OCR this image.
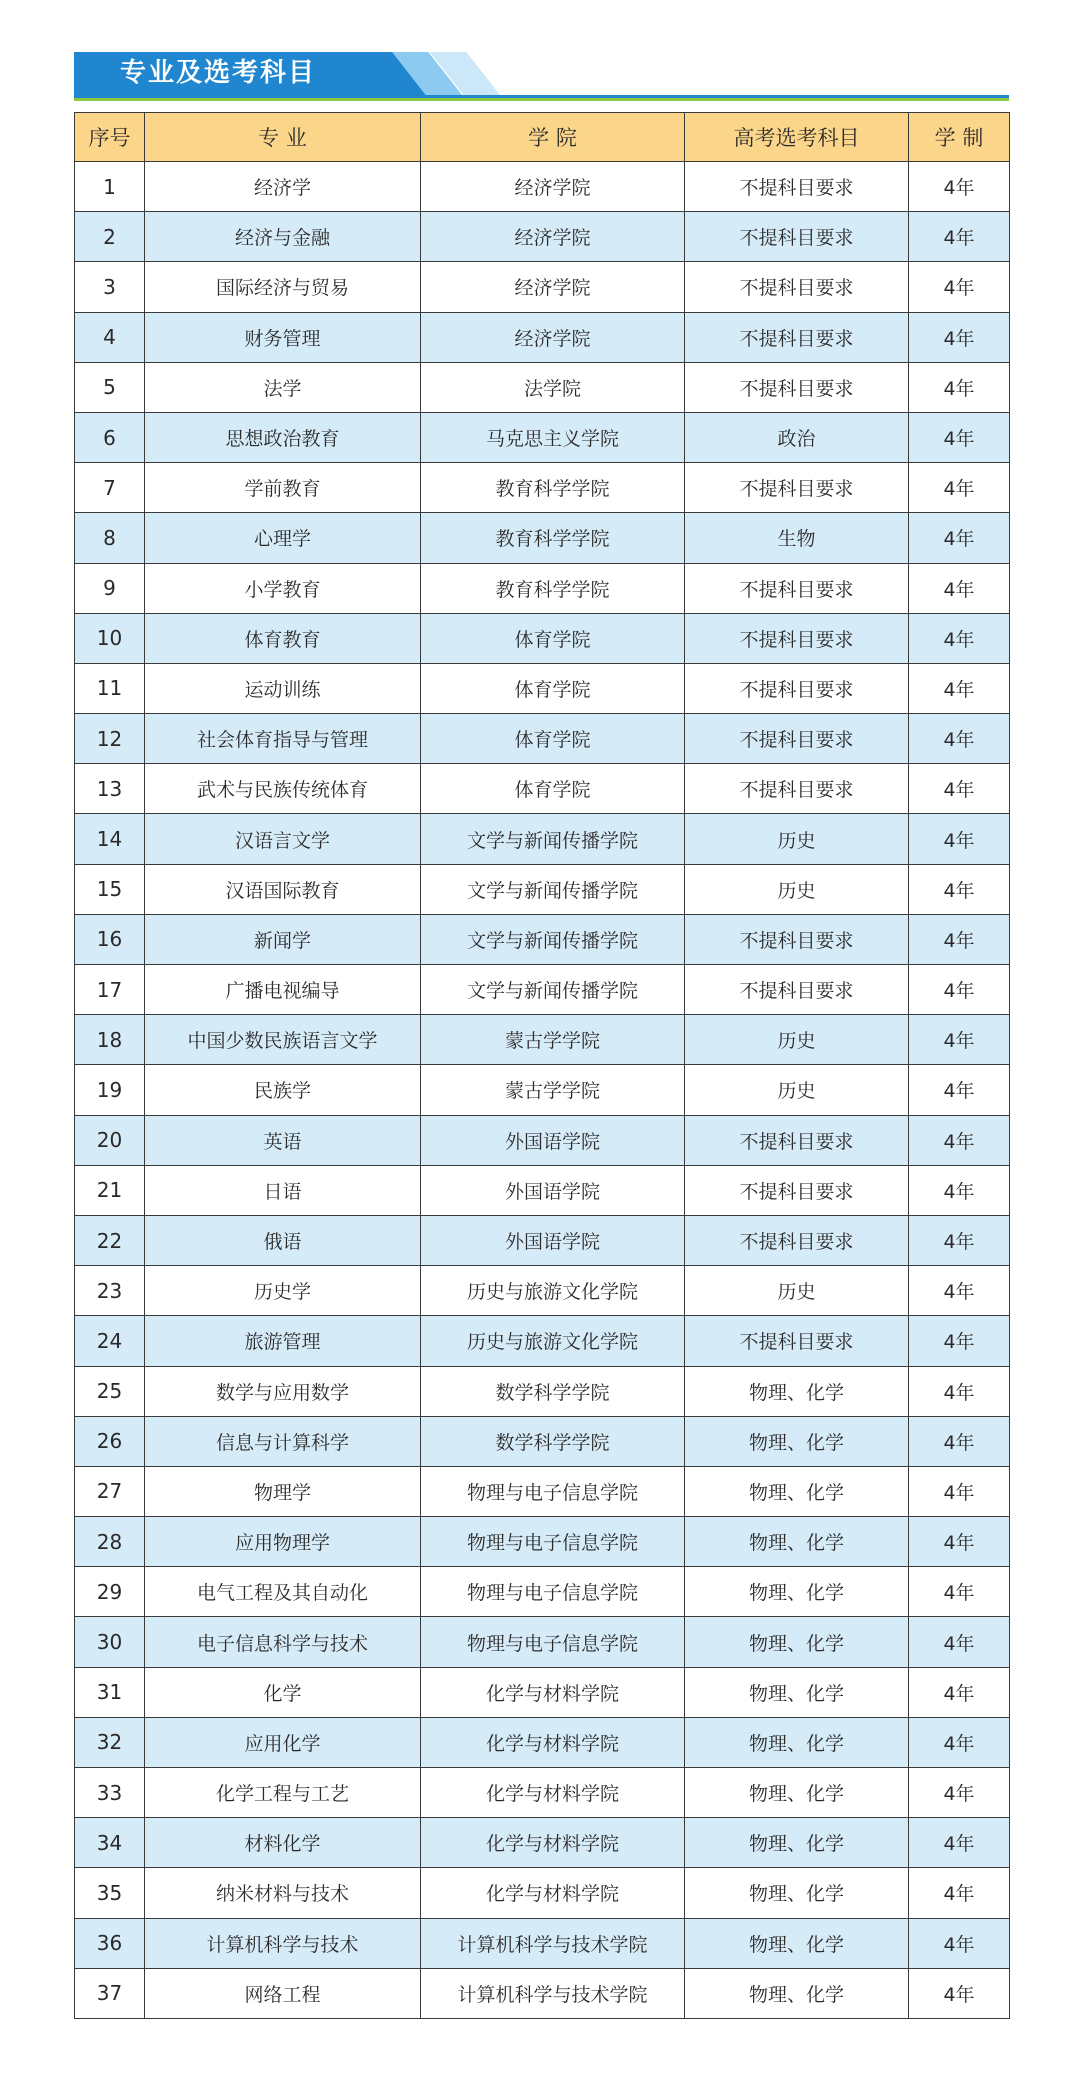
专业及选考科目
序号	专 业	学 院	高考选考科目	学 制
1	经济学	经济学院	不提科目要求	4年
2	经济与金融	经济学院	不提科目要求	4年
3	国际经济与贸易	经济学院	不提科目要求	4年
4	财务管理	经济学院	不提科目要求	4年
5	法学	法学院	不提科目要求	4年
6	思想政治教育	马克思主义学院	政治	4年
7	学前教育	教育科学学院	不提科目要求	4年
8	心理学	教育科学学院	生物	4年
9	小学教育	教育科学学院	不提科目要求	4年
10	体育教育	体育学院	不提科目要求	4年
11	运动训练	体育学院	不提科目要求	4年
12	社会体育指导与管理	体育学院	不提科目要求	4年
13	武术与民族传统体育	体育学院	不提科目要求	4年
14	汉语言文学	文学与新闻传播学院	历史	4年
15	汉语国际教育	文学与新闻传播学院	历史	4年
16	新闻学	文学与新闻传播学院	不提科目要求	4年
17	广播电视编导	文学与新闻传播学院	不提科目要求	4年
18	中国少数民族语言文学	蒙古学学院	历史	4年
19	民族学	蒙古学学院	历史	4年
20	英语	外国语学院	不提科目要求	4年
21	日语	外国语学院	不提科目要求	4年
22	俄语	外国语学院	不提科目要求	4年
23	历史学	历史与旅游文化学院	历史	4年
24	旅游管理	历史与旅游文化学院	不提科目要求	4年
25	数学与应用数学	数学科学学院	物理、化学	4年
26	信息与计算科学	数学科学学院	物理、化学	4年
27	物理学	物理与电子信息学院	物理、化学	4年
28	应用物理学	物理与电子信息学院	物理、化学	4年
29	电气工程及其自动化	物理与电子信息学院	物理、化学	4年
30	电子信息科学与技术	物理与电子信息学院	物理、化学	4年
31	化学	化学与材料学院	物理、化学	4年
32	应用化学	化学与材料学院	物理、化学	4年
33	化学工程与工艺	化学与材料学院	物理、化学	4年
34	材料化学	化学与材料学院	物理、化学	4年
35	纳米材料与技术	化学与材料学院	物理、化学	4年
36	计算机科学与技术	计算机科学与技术学院	物理、化学	4年
37	网络工程	计算机科学与技术学院	物理、化学	4年
